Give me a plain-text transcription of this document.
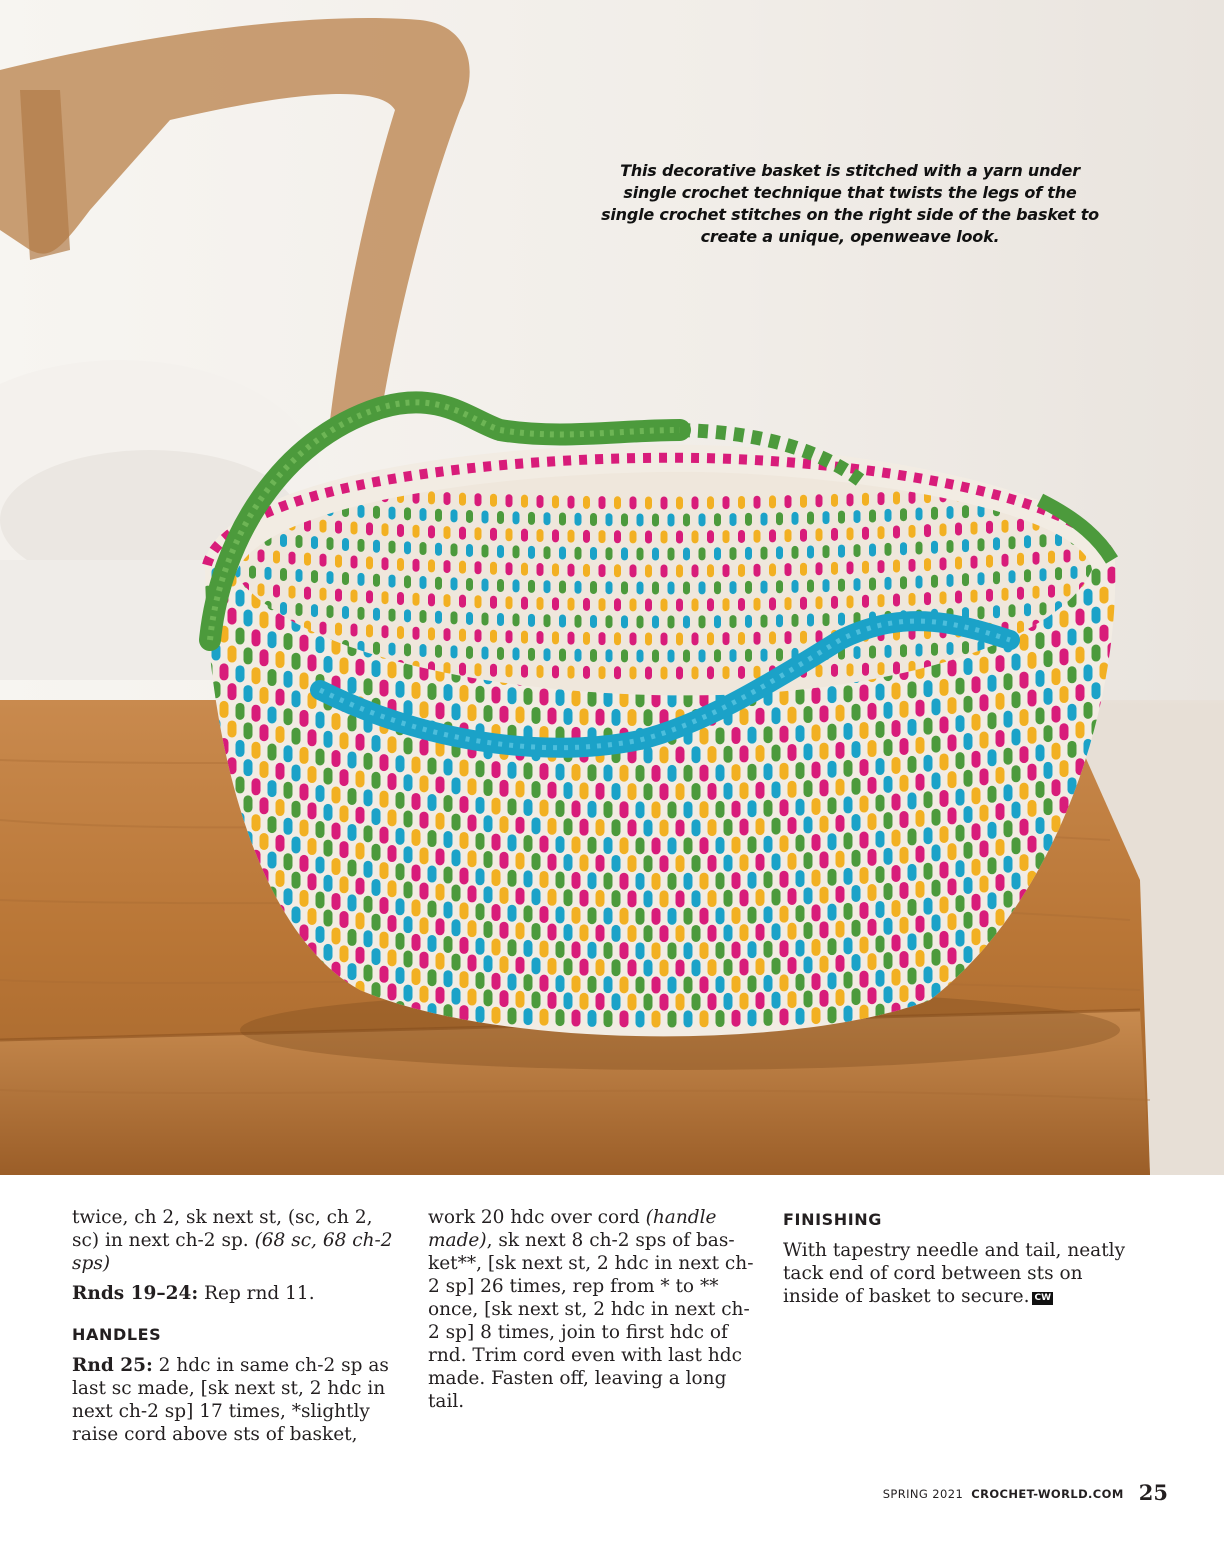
This decorative basket is stitched with a yarn under single crochet technique that twists the legs of the single crochet stitches on the right side of the basket to create a unique, openweave look.

twice, ch 2, sk next st, (sc, ch 2, sc) in next ch-2 sp. (68 sc, 68 ch-2 sps)

Rnds 19–24: Rep rnd 11.

HANDLES

Rnd 25: 2 hdc in same ch-2 sp as last sc made, [sk next st, 2 hdc in next ch-2 sp] 17 times, *slightly raise cord above sts of basket,

work 20 hdc over cord (handle made), sk next 8 ch-2 sps of bas- ket**, [sk next st, 2 hdc in next ch-2 sp] 26 times, rep from * to ** once, [sk next st, 2 hdc in next ch-2 sp] 8 times, join to first hdc of rnd. Trim cord even with last hdc made. Fasten off, leaving a long tail.

FINISHING

With tapestry needle and tail, neatly tack end of cord between sts on inside of basket to secure. CW

SPRING 2021 CROCHET-WORLD.COM 25
